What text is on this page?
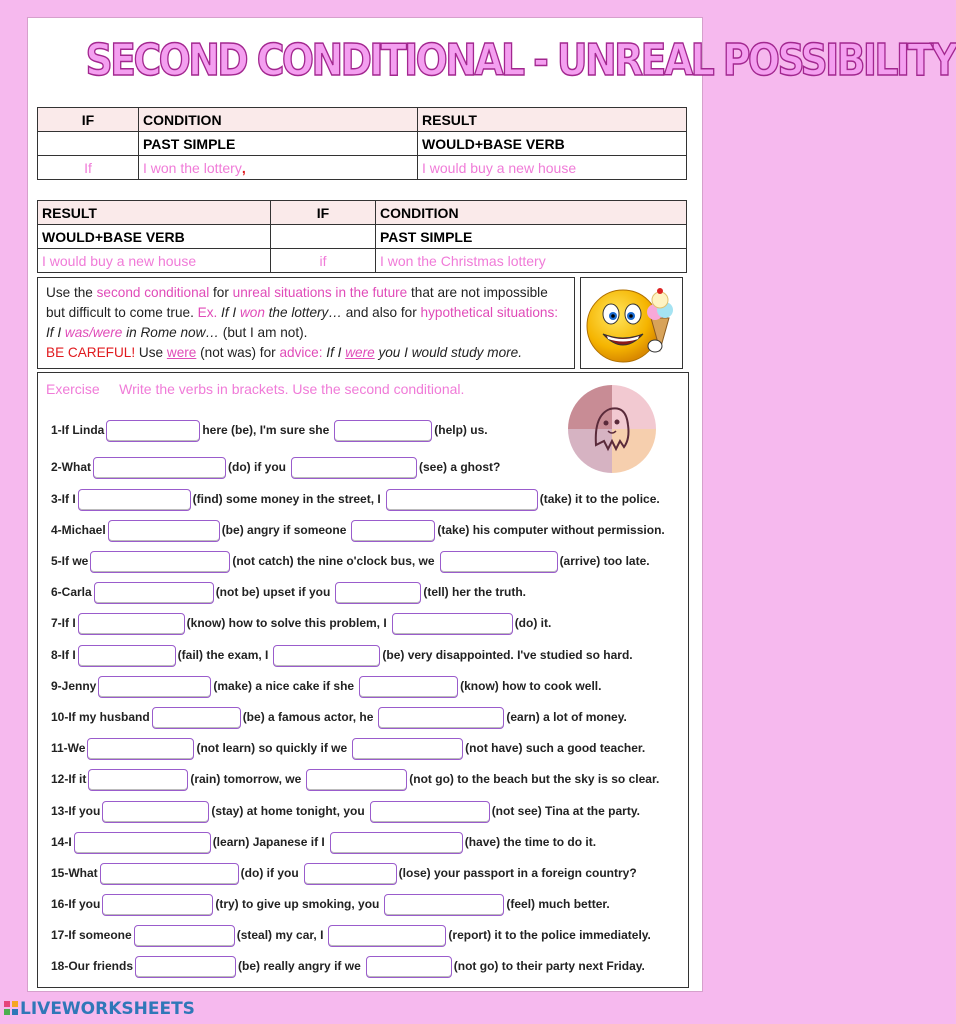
SECOND CONDITIONAL - UNREAL POSSIBILITY
IF	CONDITION	RESULT
	PAST SIMPLE	WOULD+BASE VERB
If	I won the lottery,	I would buy a new house
RESULT	IF	CONDITION
WOULD+BASE VERB		PAST SIMPLE
I would buy a new house	if	I won the Christmas lottery
Use the second conditional for unreal situations in the future that are not impossible but difficult to come true. Ex. If I won the lottery… and also for hypothetical situations: If I was/were in Rome now… (but I am not).
BE CAREFUL! Use were (not was) for advice: If I were you I would study more.
Exercise Write the verbs in brackets. Use the second conditional.
1-If Linda	here (be), I'm sure she	(help) us.
2-What	(do) if you	(see) a ghost?
3-If I	(find) some money in the street, I	(take) it to the police.
4-Michael	(be) angry if someone	(take) his computer without permission.
5-If we	(not catch) the nine o'clock bus, we	(arrive) too late.
6-Carla	(not be) upset if you	(tell) her the truth.
7-If I	(know) how to solve this problem, I	(do) it.
8-If I	(fail) the exam, I	(be) very disappointed. I've studied so hard.
9-Jenny	(make) a nice cake if she	(know) how to cook well.
10-If my husband	(be) a famous actor, he	(earn) a lot of money.
11-We	(not learn) so quickly if we	(not have) such a good teacher.
12-If it	(rain) tomorrow, we	(not go) to the beach but the sky is so clear.
13-If you	(stay) at home tonight, you	(not see) Tina at the party.
14-I	(learn) Japanese if I	(have) the time to do it.
15-What	(do) if you	(lose) your passport in a foreign country?
16-If you	(try) to give up smoking, you	(feel) much better.
17-If someone	(steal) my car, I	(report) it to the police immediately.
18-Our friends	(be) really angry if we	(not go) to their party next Friday.
LIVEWORKSHEETS
